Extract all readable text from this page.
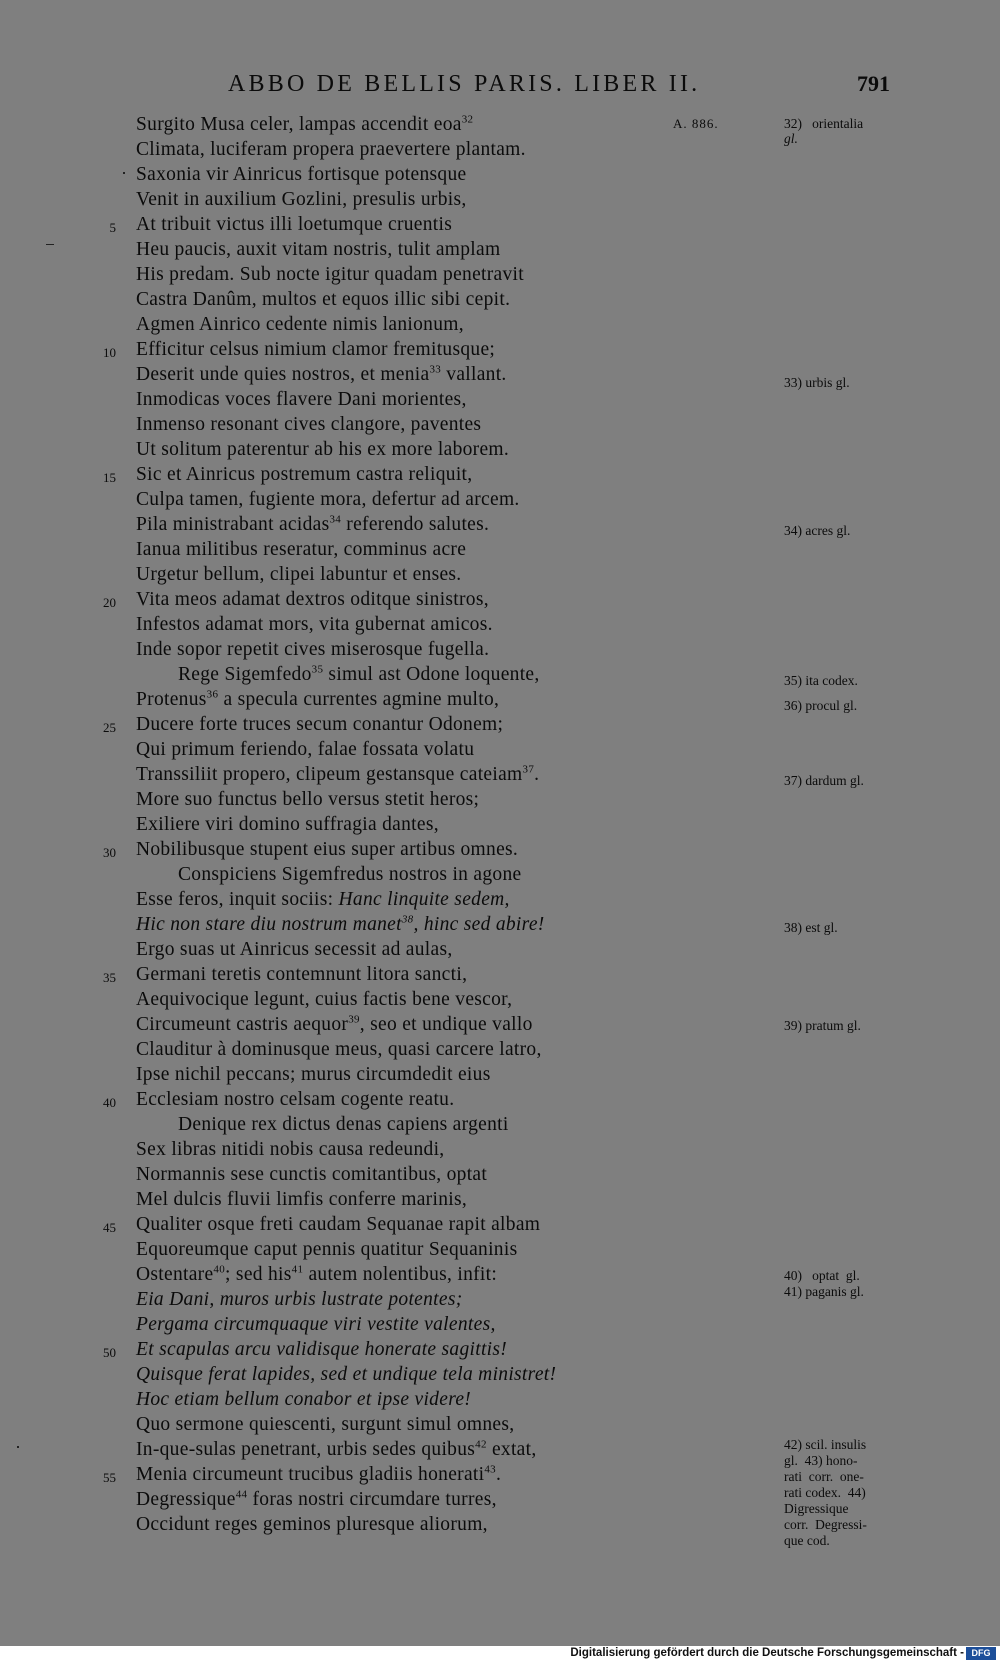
ABBO DE BELLIS PARIS. LIBER II.	791
A. 886.
Surgito Musa celer, lampas accendit eoa$^{32}$
Climata, luciferam propera praevertere plantam.
Saxonia vir Ainricus fortisque potensque
Venit in auxilium Gozlini, presulis urbis,
5 At tribuit victus illi loetumque cruentis
Heu paucis, auxit vitam nostris, tulit amplam
His predam. Sub nocte igitur quadam penetravit
Castra Danûm, multos et equos illic sibi cepit.
Agmen Ainrico cedente nimis lanionum,
10 Efficitur celsus nimium clamor fremitusque;
Deserit unde quies nostros, et menia$^{33}$ vallant.
Inmodicas voces flavere Dani morientes,
Inmenso resonant cives clangore, paventes
Ut solitum paterentur ab his ex more laborem.
15 Sic et Ainricus postremum castra reliquit,
Culpa tamen, fugiente mora, defertur ad arcem.
Pila ministrabant acidas$^{34}$ referendo salutes.
Ianua militibus reseratur, comminus acre
Urgetur bellum, clipei labuntur et enses.
20 Vita meos adamat dextros oditque sinistros,
Infestos adamat mors, vita gubernat amicos.
Inde sopor repetit cives miserosque fugella.
Rege Sigemfedo$^{35}$ simul ast Odone loquente,
Protenus$^{36}$ a specula currentes agmine multo,
25 Ducere forte truces secum conantur Odonem;
Qui primum feriendo, falae fossata volatu
Transsiliit propero, clipeum gestansque cateiam$^{37}$.
More suo functus bello versus stetit heros;
Exiliere viri domino suffragia dantes,
30 Nobilibusque stupent eius super artibus omnes.
Conspiciens Sigemfredus nostros in agone
Esse feros, inquit sociis: Hanc linquite sedem,
Hic non stare diu nostrum manet$^{38}$, hinc sed abire!
Ergo suas ut Ainricus secessit ad aulas,
35 Germani teretis contemnunt litora sancti,
Aequivocique legunt, cuius factis bene vescor,
Circumeunt castris aequor$^{39}$, seo et undique vallo
Clauditur à dominusque meus, quasi carcere latro,
Ipse nichil peccans; murus circumdedit eius
40 Ecclesiam nostro celsam cogente reatu.
Denique rex dictus denas capiens argenti
Sex libras nitidi nobis causa redeundi,
Normannis sese cunctis comitantibus, optat
Mel dulcis fluvii limfis conferre marinis,
45 Qualiter osque freti caudam Sequanae rapit albam
Equoreumque caput pennis quatitur Sequaninis
Ostentare$^{40}$; sed his$^{41}$ autem nolentibus, infit:
Eia Dani, muros urbis lustrate potentes;
Pergama circumquaque viri vestite valentes,
50 Et scapulas arcu validisque honerate sagittis!
Quisque ferat lapides, sed et undique tela ministret!
Hoc etiam bellum conabor et ipse videre!
Quo sermone quiescenti, surgunt simul omnes,
In-que-sulas penetrant, urbis sedes quibus$^{42}$ extat,
55 Menia circumeunt trucibus gladiis honerati$^{43}$.
Degressique$^{44}$ foras nostri circumdare turres,
Occidunt reges geminos pluresque aliorum,
32)   orientalia
gl.
33) urbis gl.
34) acres gl.
35) ita codex.
36) procul gl.
37) dardum gl.
38) est gl.
39) pratum gl.
40)   optat  gl.
41) paganis gl.
42) scil. insulis
gl.  43) hono-
rati  corr.  one-
rati codex.  44)
Digressique
corr.  Degressi-
que cod.
Digitalisierung gefördert durch die Deutsche Forschungsgemeinschaft - DFG
